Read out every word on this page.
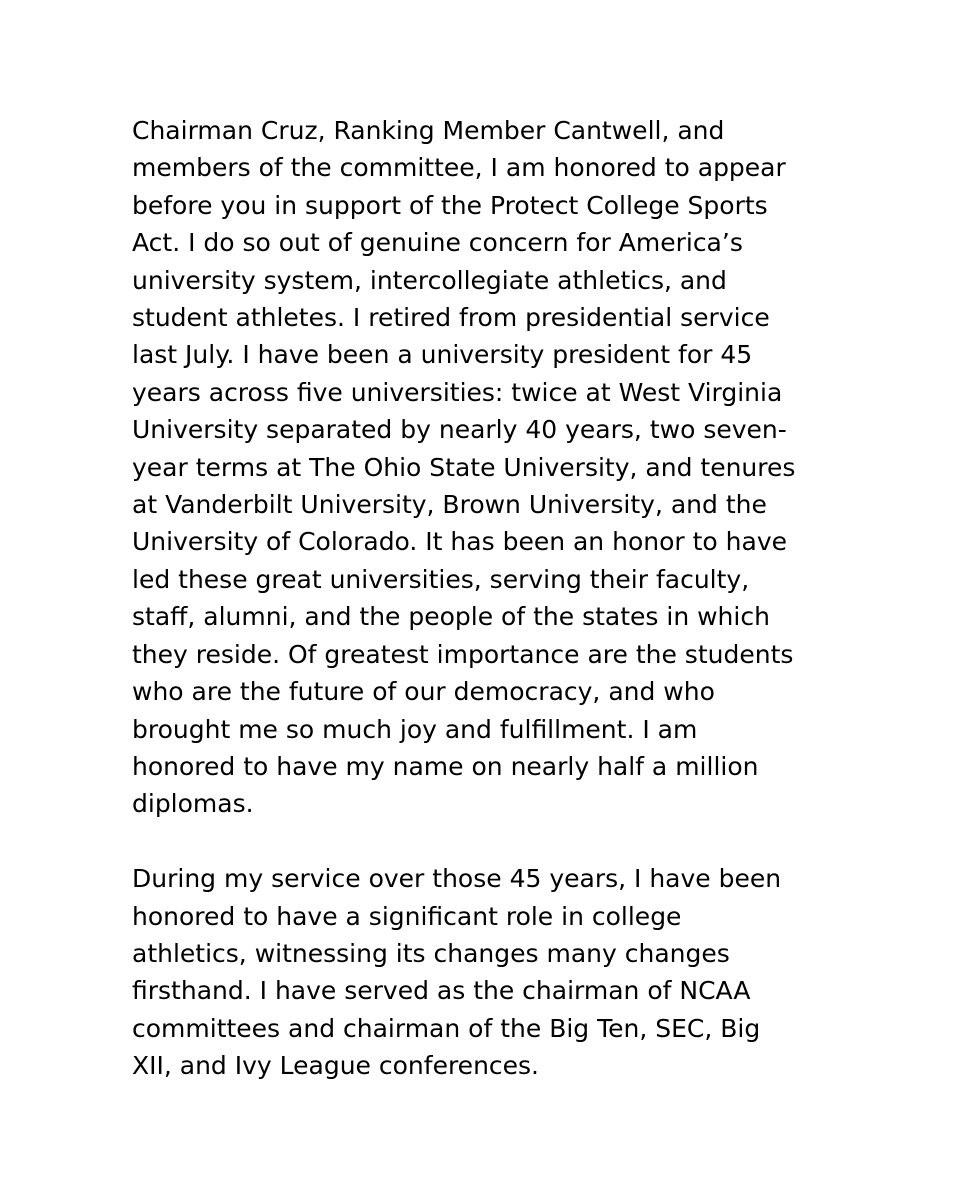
Chairman Cruz, Ranking Member Cantwell, and
members of the committee, I am honored to appear
before you in support of the Protect College Sports
Act. I do so out of genuine concern for America’s
university system, intercollegiate athletics, and
student athletes. I retired from presidential service
last July. I have been a university president for 45
years across five universities: twice at West Virginia
University separated by nearly 40 years, two seven-
year terms at The Ohio State University, and tenures
at Vanderbilt University, Brown University, and the
University of Colorado. It has been an honor to have
led these great universities, serving their faculty,
staff, alumni, and the people of the states in which
they reside. Of greatest importance are the students
who are the future of our democracy, and who
brought me so much joy and fulfillment. I am
honored to have my name on nearly half a million
diplomas.

During my service over those 45 years, I have been
honored to have a significant role in college
athletics, witnessing its changes many changes
firsthand. I have served as the chairman of NCAA
committees and chairman of the Big Ten, SEC, Big
XII, and Ivy League conferences.
